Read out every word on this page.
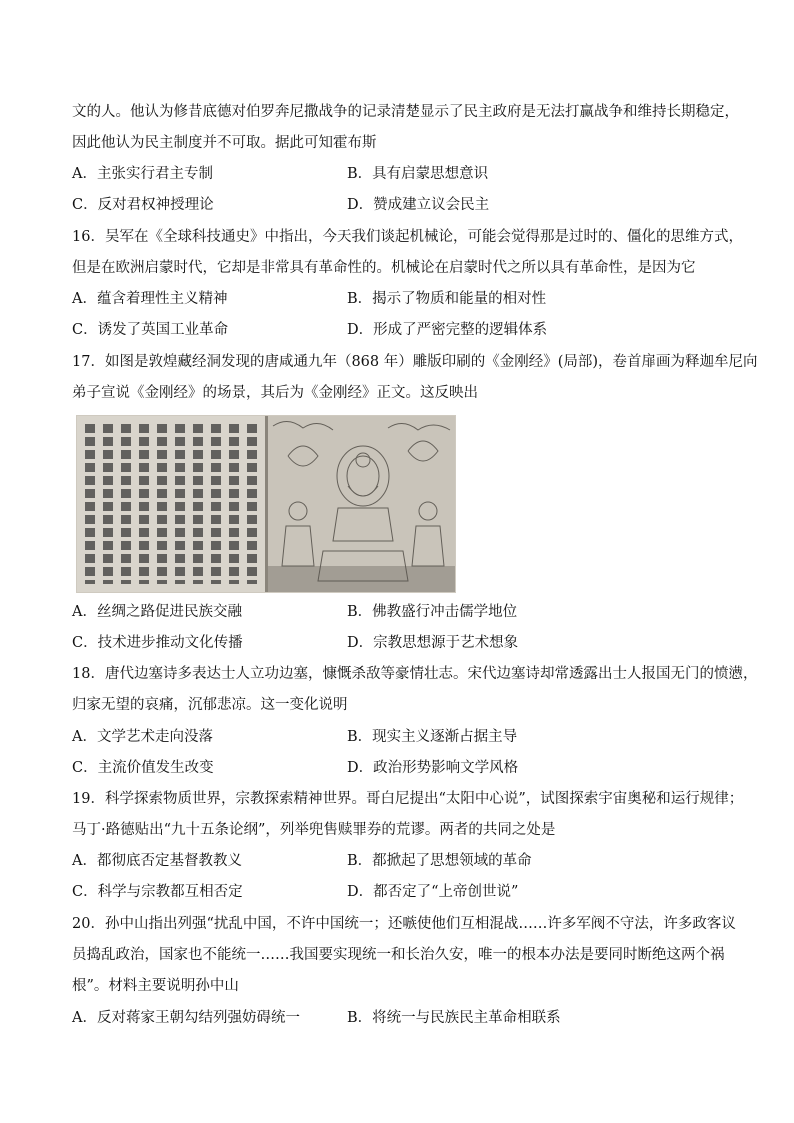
文的人。他认为修昔底德对伯罗奔尼撒战争的记录清楚显示了民主政府是无法打赢战争和维持长期稳定，
因此他认为民主制度并不可取。据此可知霍布斯
A．主张实行君主专制	B．具有启蒙思想意识
C．反对君权神授理论	D．赞成建立议会民主
16．吴军在《全球科技通史》中指出，今天我们谈起机械论，可能会觉得那是过时的、僵化的思维方式，
但是在欧洲启蒙时代，它却是非常具有革命性的。机械论在启蒙时代之所以具有革命性，是因为它
A．蕴含着理性主义精神	B．揭示了物质和能量的相对性
C．诱发了英国工业革命	D．形成了严密完整的逻辑体系
17．如图是敦煌藏经洞发现的唐咸通九年（868 年）雕版印刷的《金刚经》(局部)，卷首扉画为释迦牟尼向
弟子宣说《金刚经》的场景，其后为《金刚经》正文。这反映出
A．丝绸之路促进民族交融	B．佛教盛行冲击儒学地位
C．技术进步推动文化传播	D．宗教思想源于艺术想象
18．唐代边塞诗多表达士人立功边塞，慷慨杀敌等豪情壮志。宋代边塞诗却常透露出士人报国无门的愤懑，
归家无望的哀痛，沉郁悲凉。这一变化说明
A．文学艺术走向没落	B．现实主义逐渐占据主导
C．主流价值发生改变	D．政治形势影响文学风格
19．科学探索物质世界，宗教探索精神世界。哥白尼提出“太阳中心说”，试图探索宇宙奥秘和运行规律；
马丁·路德贴出“九十五条论纲”，列举兜售赎罪券的荒谬。两者的共同之处是
A．都彻底否定基督教教义	B．都掀起了思想领域的革命
C．科学与宗教都互相否定	D．都否定了“上帝创世说”
20．孙中山指出列强“扰乱中国，不许中国统一；还嗾使他们互相混战……许多军阀不守法，许多政客议
员捣乱政治，国家也不能统一……我国要实现统一和长治久安，唯一的根本办法是要同时断绝这两个祸
根”。材料主要说明孙中山
A．反对蒋家王朝勾结列强妨碍统一	B．将统一与民族民主革命相联系
